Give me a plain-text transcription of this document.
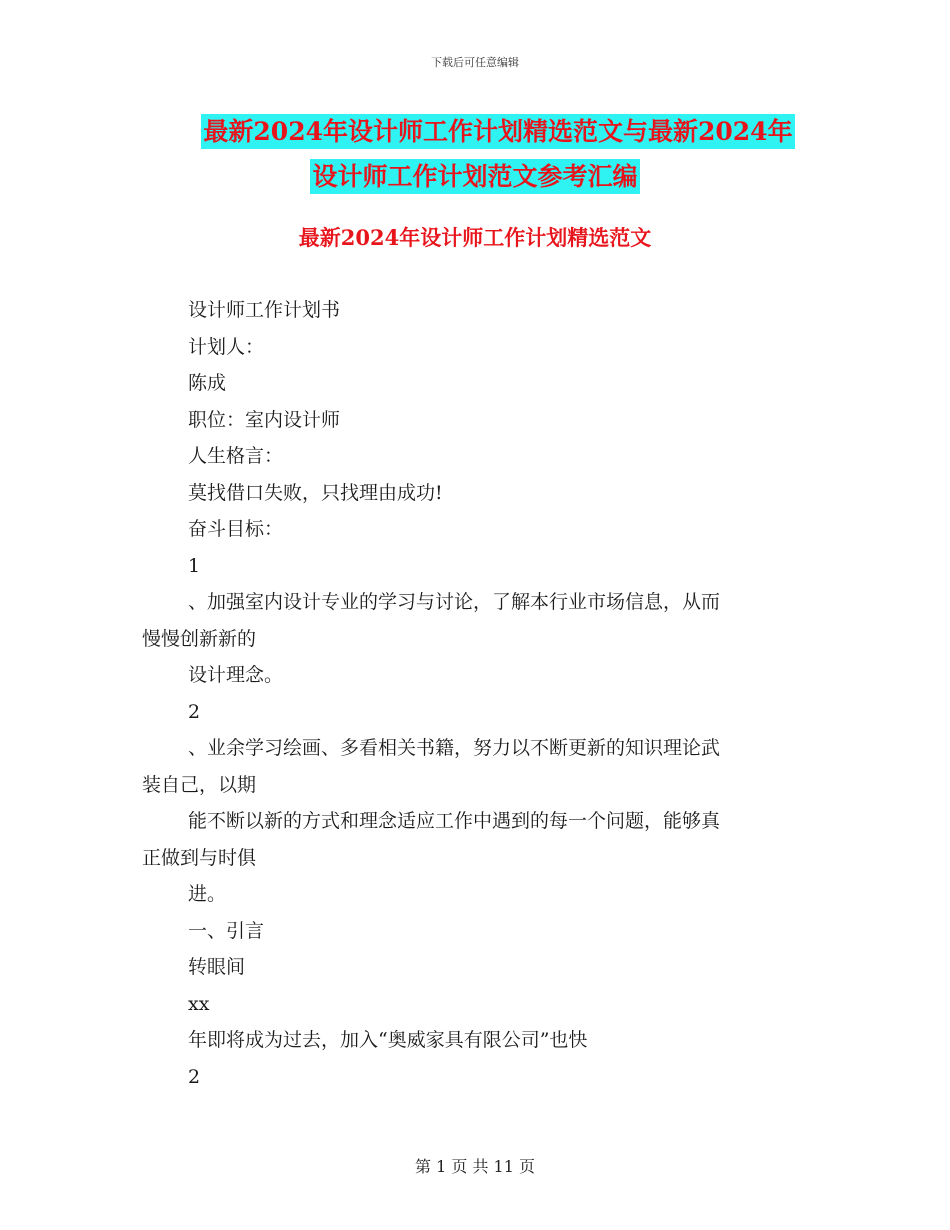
下载后可任意编辑
最新2024年设计师工作计划精选范文与最新2024年
设计师工作计划范文参考汇编
最新2024年设计师工作计划精选范文

设计师工作计划书

计划人：

陈成

职位：室内设计师

人生格言：

莫找借口失败，只找理由成功!

奋斗目标：

1

、加强室内设计专业的学习与讨论，了解本行业市场信息，从而

慢慢创新新的

设计理念。

2

、业余学习绘画、多看相关书籍，努力以不断更新的知识理论武

装自己，以期

能不断以新的方式和理念适应工作中遇到的每一个问题，能够真

正做到与时俱

进。

一、引言

转眼间

xx

年即将成为过去，加入“奥威家具有限公司”也快

2

第 1 页 共 11 页
